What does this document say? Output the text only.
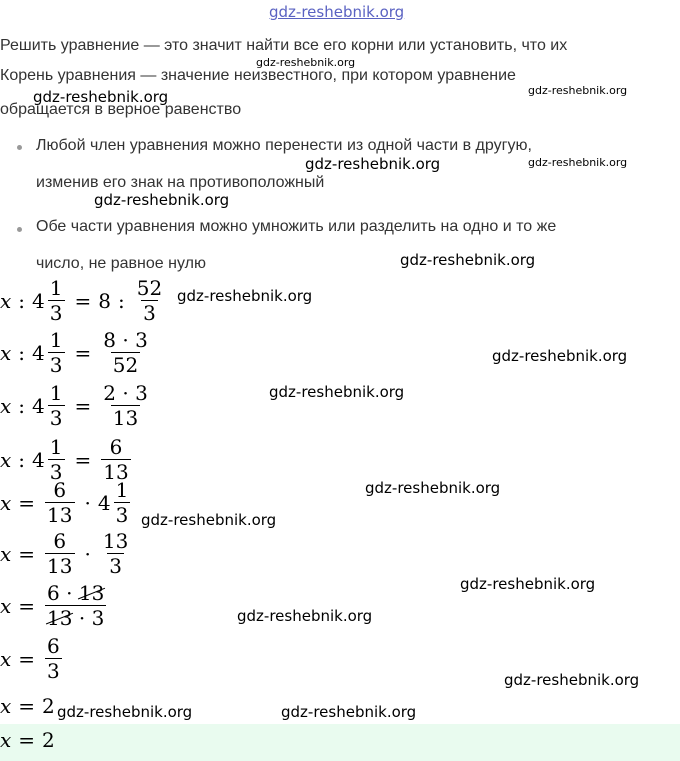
gdz-reshebnik.org
Решить уравнение — это значит найти все его корни или установить, что их
Корень уравнения — значение неизвестного, при котором уравнение
обращается в верное равенство
Любой член уравнения можно перенести из одной части в другую,
изменив его знак на противоположный
Обе части уравнения можно умножить или разделить на одно и то же
число, не равное нулю
x : $4 \frac{1}{3} = 8$ : $\frac{52}{3}$
x : $4 \frac{1}{3} = \frac{8 \cdot 3}{52}$
x : $4 \frac{1}{3} = \frac{2 \cdot 3}{13}$
x : $4 \frac{1}{3} = \frac{6}{13}$
$x = \frac{6}{13} \cdot 4 \frac{1}{3}$
$x = \frac{6}{13} \cdot \frac{13}{3}$
$x = \frac{6 \cdot 13}{13 \cdot 3}$
$x = \frac{6}{3}$
x = 2
x = 2
gdz-reshebnik.org
gdz-reshebnik.org	gdz-reshebnik.org
gdz-reshebnik.org	gdz-reshebnik.org
gdz-reshebnik.org
gdz-reshebnik.org
gdz-reshebnik.org
gdz-reshebnik.org
gdz-reshebnik.org
gdz-reshebnik.org
gdz-reshebnik.org
gdz-reshebnik.org
gdz-reshebnik.org
gdz-reshebnik.org
gdz-reshebnik.org	gdz-reshebnik.org
